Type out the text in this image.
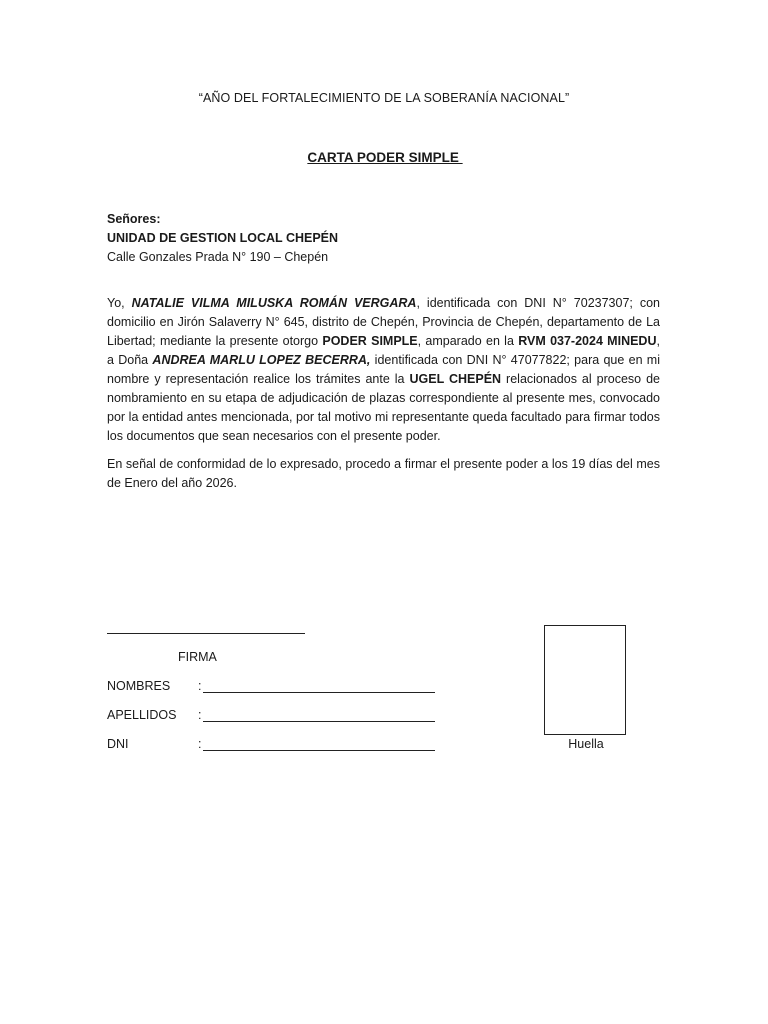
“AÑO DEL FORTALECIMIENTO DE LA SOBERANÍA NACIONAL”
CARTA PODER SIMPLE
Señores:
UNIDAD DE GESTION LOCAL CHEPÉN
Calle Gonzales Prada N° 190 – Chepén

Yo, NATALIE VILMA MILUSKA ROMÁN VERGARA, identificada con DNI N° 70237307; con domicilio en Jirón Salaverry N° 645, distrito de Chepén, Provincia de Chepén, departamento de La Libertad; mediante la presente otorgo PODER SIMPLE, amparado en la RVM 037-2024 MINEDU, a Doña ANDREA MARLU LOPEZ BECERRA, identificada con DNI N° 47077822; para que en mi nombre y representación realice los trámites ante la UGEL CHEPÉN relacionados al proceso de nombramiento en su etapa de adjudicación de plazas correspondiente al presente mes, convocado por la entidad antes mencionada, por tal motivo mi representante queda facultado para firmar todos los documentos que sean necesarios con el presente poder.

En señal de conformidad de lo expresado, procedo a firmar el presente poder a los 19 días del mes de Enero del año 2026.

FIRMA
NOMBRES :
APELLIDOS :
DNI	:	Huella
